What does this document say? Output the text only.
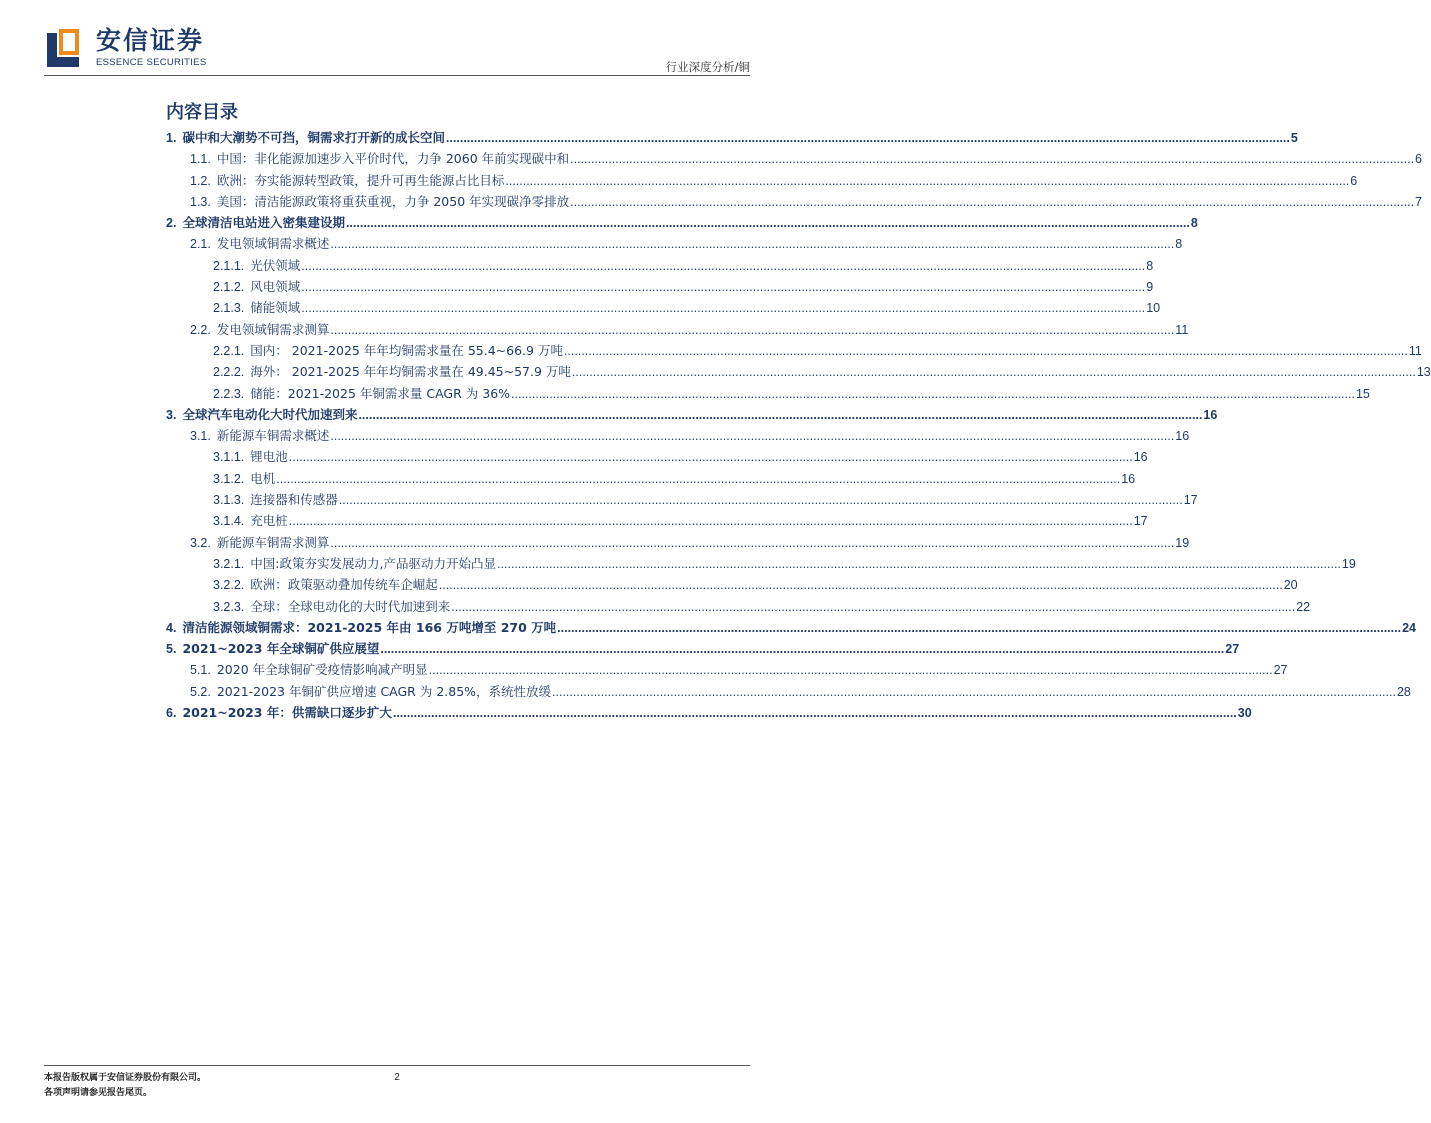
安信证券
ESSENCE SECURITIES	行业深度分析/铜
内容目录
1. 碳中和大潮势不可挡，铜需求打开新的成长空间 .....	5
1.1. 中国：非化能源加速步入平价时代，力争 2060 年前实现碳中和 .....	6
1.2. 欧洲：夯实能源转型政策，提升可再生能源占比目标 .....	6
1.3. 美国：清洁能源政策将重获重视，力争 2050 年实现碳净零排放 .....	7
2. 全球清洁电站进入密集建设期 .....	8
2.1. 发电领域铜需求概述 .....	8
2.1.1. 光伏领域 .....	8
2.1.2. 风电领域 .....	9
2.1.3. 储能领域 .....	10
2.2. 发电领域铜需求测算 .....	11
2.2.1. 国内： 2021-2025 年年均铜需求量在 55.4~66.9 万吨 .....	11
2.2.2. 海外： 2021-2025 年年均铜需求量在 49.45~57.9 万吨 .....	13
2.2.3. 储能：2021-2025 年铜需求量 CAGR 为 36% .....	15
3. 全球汽车电动化大时代加速到来 .....	16
3.1. 新能源车铜需求概述 .....	16
3.1.1. 锂电池 .....	16
3.1.2. 电机 .....	16
3.1.3. 连接器和传感器 .....	17
3.1.4. 充电桩 .....	17
3.2. 新能源车铜需求测算 .....	19
3.2.1. 中国:政策夯实发展动力,产品驱动力开始凸显 .....	19
3.2.2. 欧洲：政策驱动叠加传统车企崛起 .....	20
3.2.3. 全球：全球电动化的大时代加速到来 .....	22
4. 清洁能源领域铜需求：2021-2025 年由 166 万吨增至 270 万吨 .....	24
5. 2021~2023 年全球铜矿供应展望 .....	27
5.1. 2020 年全球铜矿受疫情影响减产明显 .....	27
5.2. 2021-2023 年铜矿供应增速 CAGR 为 2.85%，系统性放缓 .....	28
6. 2021~2023 年：供需缺口逐步扩大 .....	30
本报告版权属于安信证券股份有限公司。
各项声明请参见报告尾页。
2
